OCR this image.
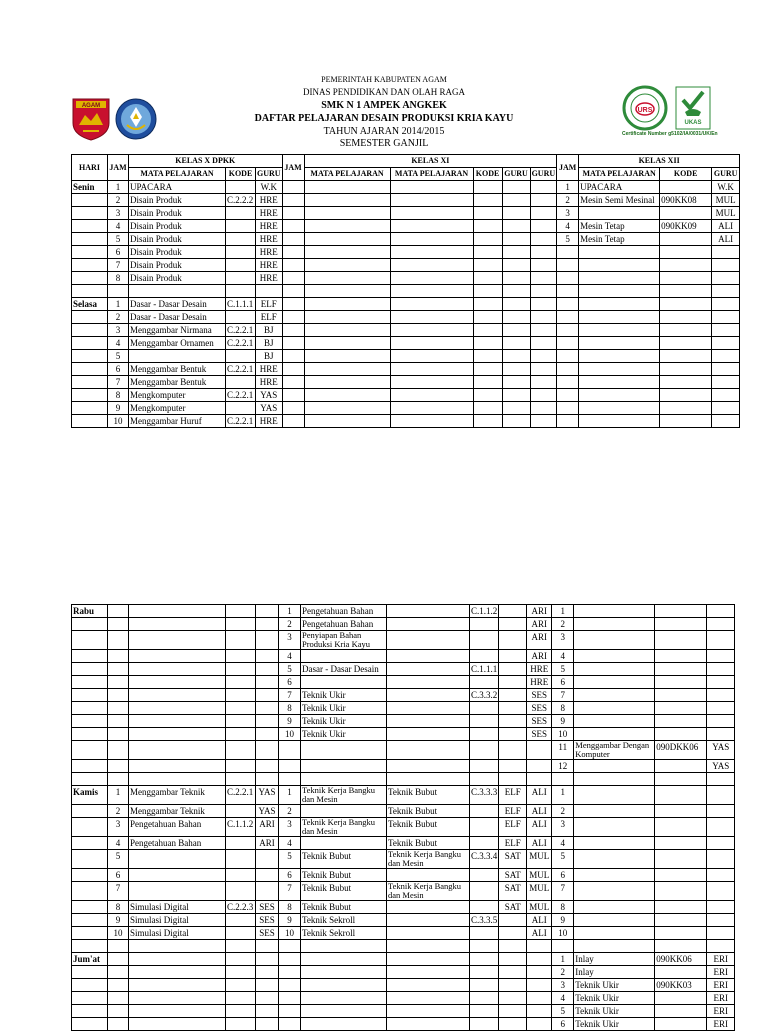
PEMERINTAH KABUPATEN AGAM
DINAS PENDIDIKAN DAN OLAH RAGA
SMK N 1 AMPEK ANGKEK
DAFTAR PELAJARAN DESAIN PRODUKSI KRIA KAYU
TAHUN AJARAN 2014/2015
SEMESTER GANJIL
AGAM
URS
UKAS
Certificate Number g5102/IA/0031/UK/En
HARI	JAM	KELAS X DPKK			JAM	KELAS XI					JAM	KELAS XII		
		MATA PELAJARAN	KODE	GURU		MATA PELAJARAN	MATA PELAJARAN	KODE	GURU	GURU		MATA PELAJARAN	KODE	GURU
Senin	1	UPACARA		W.K							1	UPACARA		W.K
	2	Disain Produk	C.2.2.2	HRE							2	Mesin Semi Mesinal	090KK08	MUL
	3	Disain Produk		HRE							3			MUL
	4	Disain Produk		HRE							4	Mesin Tetap	090KK09	ALI
	5	Disain Produk		HRE							5	Mesin Tetap		ALI
	6	Disain Produk		HRE										
	7	Disain Produk		HRE										
	8	Disain Produk		HRE										

Selasa	1	Dasar - Dasar Desain	C.1.1.1	ELF										
	2	Dasar - Dasar Desain		ELF										
	3	Menggambar Nirmana	C.2.2.1	BJ										
	4	Menggambar Ornamen	C.2.2.1	BJ										
	5			BJ										
	6	Menggambar Bentuk	C.2.2.1	HRE										
	7	Menggambar Bentuk		HRE										
	8	Mengkomputer	C.2.2.1	YAS										
	9	Mengkomputer		YAS										
	10	Menggambar Huruf	C.2.2.1	HRE										
Rabu					1	Pengetahuan Bahan		C.1.1.2		ARI	1			
					2	Pengetahuan Bahan				ARI	2			
					3	Penyiapan Bahan Produksi Kria Kayu				ARI	3			
					4					ARI	4			
					5	Dasar - Dasar Desain		C.1.1.1		HRE	5			
					6					HRE	6			
					7	Teknik Ukir		C.3.3.2		SES	7			
					8	Teknik Ukir				SES	8			
					9	Teknik Ukir				SES	9			
					10	Teknik Ukir				SES	10			
											11	Menggambar Dengan Komputer	090DKK06	YAS
											12			YAS

Kamis	1	Menggambar Teknik	C.2.2.1	YAS	1	Teknik Kerja Bangku dan Mesin	Teknik Bubut	C.3.3.3	ELF	ALI	1			
	2	Menggambar Teknik		YAS	2		Teknik Bubut		ELF	ALI	2			
	3	Pengetahuan Bahan	C.1.1.2	ARI	3	Teknik Kerja Bangku dan Mesin	Teknik Bubut		ELF	ALI	3			
	4	Pengetahuan Bahan		ARI	4		Teknik Bubut		ELF	ALI	4			
	5				5	Teknik Bubut	Teknik Kerja Bangku dan Mesin	C.3.3.4	SAT	MUL	5			
	6				6	Teknik Bubut			SAT	MUL	6			
	7				7	Teknik Bubut	Teknik Kerja Bangku dan Mesin		SAT	MUL	7			
	8	Simulasi Digital	C.2.2.3	SES	8	Teknik Bubut			SAT	MUL	8			
	9	Simulasi Digital		SES	9	Teknik Sekroll		C.3.3.5		ALI	9			
	10	Simulasi Digital		SES	10	Teknik Sekroll				ALI	10			

Jum'at											1	Inlay	090KK06	ERI
											2	Inlay		ERI
											3	Teknik Ukir	090KK03	ERI
											4	Teknik Ukir		ERI
											5	Teknik Ukir		ERI
											6	Teknik Ukir		ERI
